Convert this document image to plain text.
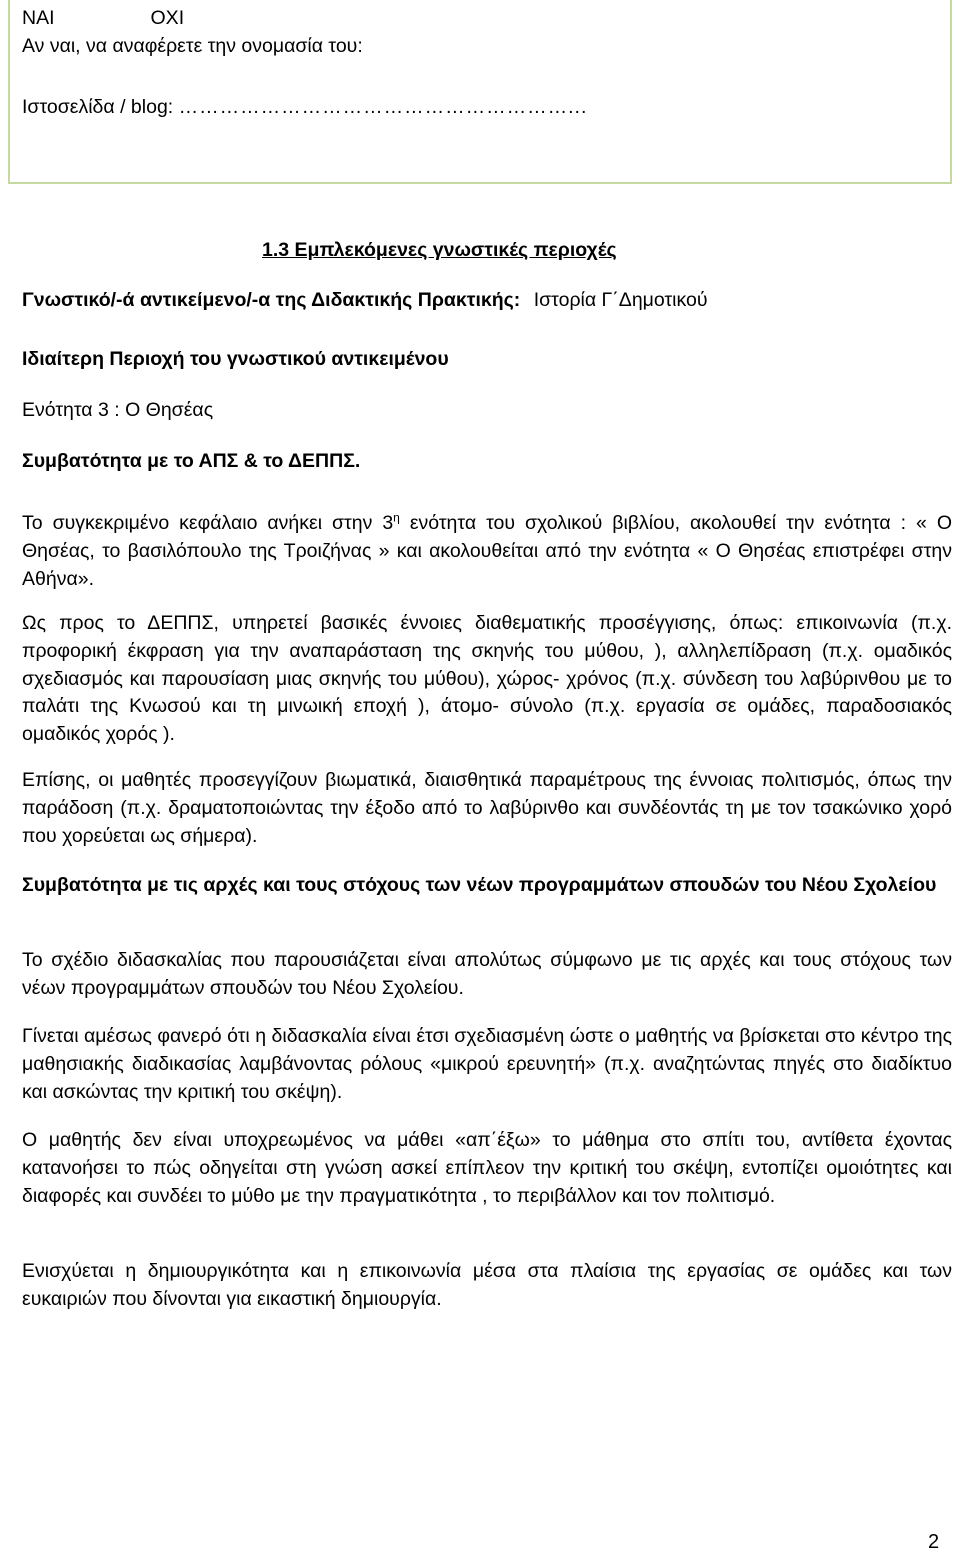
ΝΑΙ	ΟΧΙ
Αν ναι, να αναφέρετε την ονομασία του:
Ιστοσελίδα / blog: …………………………………………………...
1.3 Εμπλεκόμενες γνωστικές περιοχές
Γνωστικό/-ά αντικείμενο/-α της Διδακτικής Πρακτικής: Ιστορία Γ΄Δημοτικού
Ιδιαίτερη Περιοχή του γνωστικού αντικειμένου
Ενότητα 3 : Ο Θησέας
Συμβατότητα με το ΑΠΣ & το ΔΕΠΠΣ.

Το συγκεκριμένο κεφάλαιο ανήκει στην $3^\eta$ ενότητα του σχολικού βιβλίου, ακολουθεί την ενότητα : « Ο Θησέας, το βασιλόπουλο της Τροιζήνας » και ακολουθείται από την ενότητα « Ο Θησέας επιστρέφει στην Αθήνα».

Ως προς το ΔΕΠΠΣ, υπηρετεί βασικές έννοιες διαθεματικής προσέγγισης, όπως: επικοινωνία (π.χ. προφορική έκφραση για την αναπαράσταση της σκηνής του μύθου, ), αλληλεπίδραση (π.χ. ομαδικός σχεδιασμός και παρουσίαση μιας σκηνής του μύθου), χώρος- χρόνος (π.χ. σύνδεση του λαβύρινθου με το παλάτι της Κνωσού και τη μινωική εποχή ), άτομο- σύνολο (π.χ. εργασία σε ομάδες, παραδοσιακός ομαδικός χορός ).

Επίσης, οι μαθητές προσεγγίζουν βιωματικά, διαισθητικά παραμέτρους της έννοιας πολιτισμός, όπως την παράδοση (π.χ. δραματοποιώντας την έξοδο από το λαβύρινθο και συνδέοντάς τη με τον τσακώνικο χορό που χορεύεται ως σήμερα).

Συμβατότητα με τις αρχές και τους στόχους των νέων προγραμμάτων σπουδών του Νέου Σχολείου

Το σχέδιο διδασκαλίας που παρουσιάζεται είναι απολύτως σύμφωνο με τις αρχές και τους στόχους των νέων προγραμμάτων σπουδών του Νέου Σχολείου.

Γίνεται αμέσως φανερό ότι η διδασκαλία είναι έτσι σχεδιασμένη ώστε ο μαθητής να βρίσκεται στο κέντρο της μαθησιακής διαδικασίας λαμβάνοντας ρόλους «μικρού ερευνητή» (π.χ. αναζητώντας πηγές στο διαδίκτυο και ασκώντας την κριτική του σκέψη).

Ο μαθητής δεν είναι υποχρεωμένος να μάθει «απ΄έξω» το μάθημα στο σπίτι του, αντίθετα έχοντας κατανοήσει το πώς οδηγείται στη γνώση ασκεί επίπλεον την κριτική του σκέψη, εντοπίζει ομοιότητες και διαφορές και συνδέει το μύθο με την πραγματικότητα , το περιβάλλον και τον πολιτισμό.

Ενισχύεται η δημιουργικότητα και η επικοινωνία μέσα στα πλαίσια της εργασίας σε ομάδες και των ευκαιριών που δίνονται για εικαστική δημιουργία.

2
